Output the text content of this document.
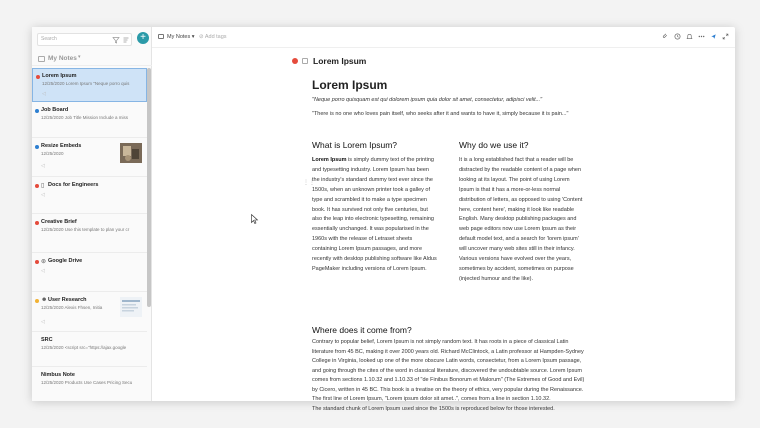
Search	+
My Notes ▾
Lorem Ipsum
12/25/2020 Lorem Ipsum "Neque porro quis
◁
Job Board
12/25/2020 Job Title Mission Include a miss
Resize Embeds
12/25/2020
◁
▯ Docs for Engineers
◁
Creative Brief
12/25/2020 Use this template to plan your cr
⊛ Google Drive
◁
☻ User Research
12/25/2020 Alexis Fhsen, Initia
◁
SRC
12/25/2020 <script src="https://ajax.google
Nimbus Note
12/25/2020 Products Use Cases Pricing Secu
My Notes ▾ ⊘ Add tags
Lorem Ipsum
Lorem Ipsum
"Neque porro quisquam est qui dolorem ipsum quia dolor sit amet, consectetur, adipisci velit..."
"There is no one who loves pain itself, who seeks after it and wants to have it, simply because it is pain..."
What is Lorem Ipsum?	Why do we use it?
⋮⋮
Lorem Ipsum is simply dummy text of the printing and typesetting industry. Lorem Ipsum has been the industry's standard dummy text ever since the 1500s, when an unknown printer took a galley of type and scrambled it to make a type specimen book. It has survived not only five centuries, but also the leap into electronic typesetting, remaining essentially unchanged. It was popularised in the 1960s with the release of Letraset sheets containing Lorem Ipsum passages, and more recently with desktop publishing software like Aldus PageMaker including versions of Lorem Ipsum.
It is a long established fact that a reader will be distracted by the readable content of a page when looking at its layout. The point of using Lorem Ipsum is that it has a more-or-less normal distribution of letters, as opposed to using 'Content here, content here', making it look like readable English. Many desktop publishing packages and web page editors now use Lorem Ipsum as their default model text, and a search for 'lorem ipsum' will uncover many web sites still in their infancy. Various versions have evolved over the years, sometimes by accident, sometimes on purpose (injected humour and the like).
Where does it come from?
Contrary to popular belief, Lorem Ipsum is not simply random text. It has roots in a piece of classical Latin literature from 45 BC, making it over 2000 years old. Richard McClintock, a Latin professor at Hampden-Sydney College in Virginia, looked up one of the more obscure Latin words, consectetur, from a Lorem Ipsum passage, and going through the cites of the word in classical literature, discovered the undoubtable source. Lorem Ipsum comes from sections 1.10.32 and 1.10.33 of "de Finibus Bonorum et Malorum" (The Extremes of Good and Evil) by Cicero, written in 45 BC. This book is a treatise on the theory of ethics, very popular during the Renaissance. The first line of Lorem Ipsum, "Lorem ipsum dolor sit amet..", comes from a line in section 1.10.32.
The standard chunk of Lorem Ipsum used since the 1500s is reproduced below for those interested.
